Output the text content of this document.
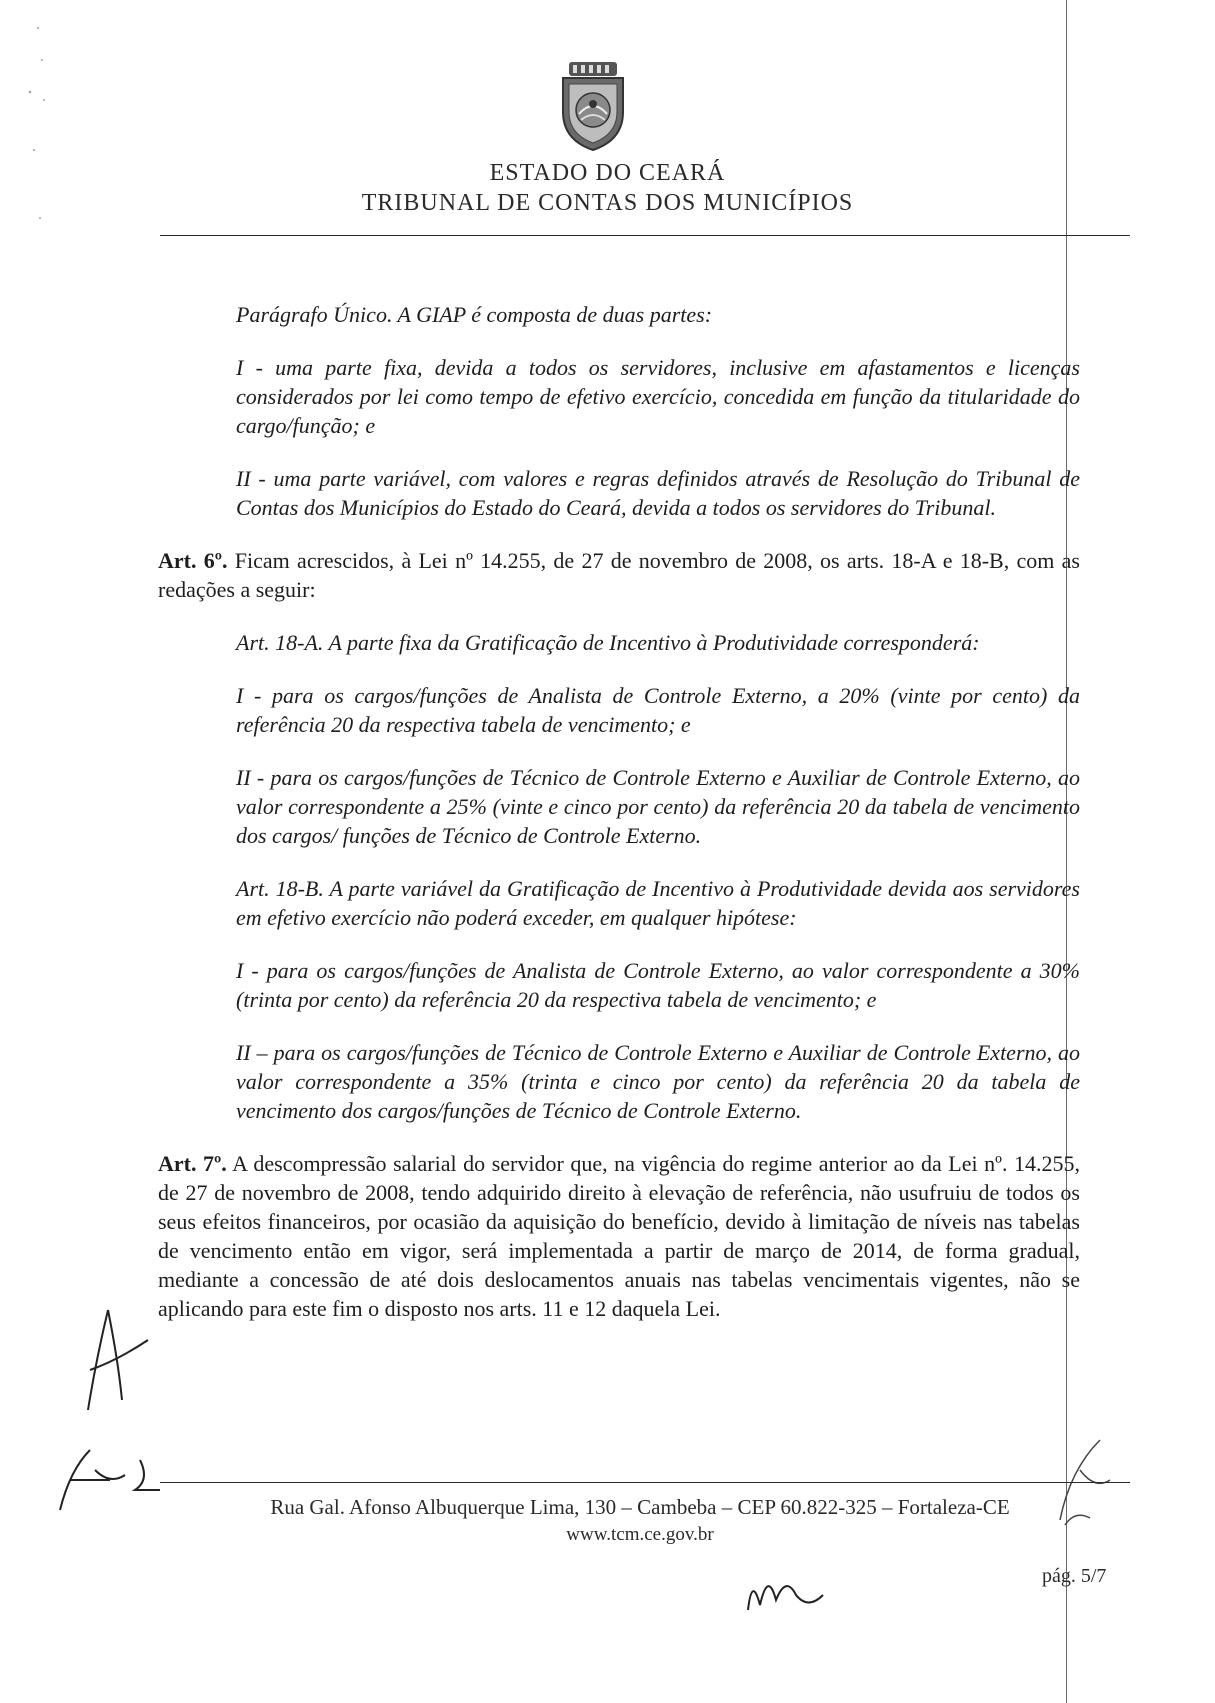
ESTADO DO CEARÁ
TRIBUNAL DE CONTAS DOS MUNICÍPIOS

Parágrafo Único. A GIAP é composta de duas partes:

I - uma parte fixa, devida a todos os servidores, inclusive em afastamentos e licenças considerados por lei como tempo de efetivo exercício, concedida em função da titularidade do cargo/função; e

II - uma parte variável, com valores e regras definidos através de Resolução do Tribunal de Contas dos Municípios do Estado do Ceará, devida a todos os servidores do Tribunal.

Art. 6º. Ficam acrescidos, à Lei nº 14.255, de 27 de novembro de 2008, os arts. 18-A e 18-B, com as redações a seguir:

Art. 18-A. A parte fixa da Gratificação de Incentivo à Produtividade corresponderá:

I - para os cargos/funções de Analista de Controle Externo, a 20% (vinte por cento) da referência 20 da respectiva tabela de vencimento; e

II - para os cargos/funções de Técnico de Controle Externo e Auxiliar de Controle Externo, ao valor correspondente a 25% (vinte e cinco por cento) da referência 20 da tabela de vencimento dos cargos/ funções de Técnico de Controle Externo.

Art. 18-B. A parte variável da Gratificação de Incentivo à Produtividade devida aos servidores em efetivo exercício não poderá exceder, em qualquer hipótese:

I - para os cargos/funções de Analista de Controle Externo, ao valor correspondente a 30% (trinta por cento) da referência 20 da respectiva tabela de vencimento; e

II – para os cargos/funções de Técnico de Controle Externo e Auxiliar de Controle Externo, ao valor correspondente a 35% (trinta e cinco por cento) da referência 20 da tabela de vencimento dos cargos/funções de Técnico de Controle Externo.

Art. 7º. A descompressão salarial do servidor que, na vigência do regime anterior ao da Lei nº. 14.255, de 27 de novembro de 2008, tendo adquirido direito à elevação de referência, não usufruiu de todos os seus efeitos financeiros, por ocasião da aquisição do benefício, devido à limitação de níveis nas tabelas de vencimento então em vigor, será implementada a partir de março de 2014, de forma gradual, mediante a concessão de até dois deslocamentos anuais nas tabelas vencimentais vigentes, não se aplicando para este fim o disposto nos arts. 11 e 12 daquela Lei.

Rua Gal. Afonso Albuquerque Lima, 130 – Cambeba – CEP 60.822-325 – Fortaleza-CE
www.tcm.ce.gov.br
pág. 5/7
